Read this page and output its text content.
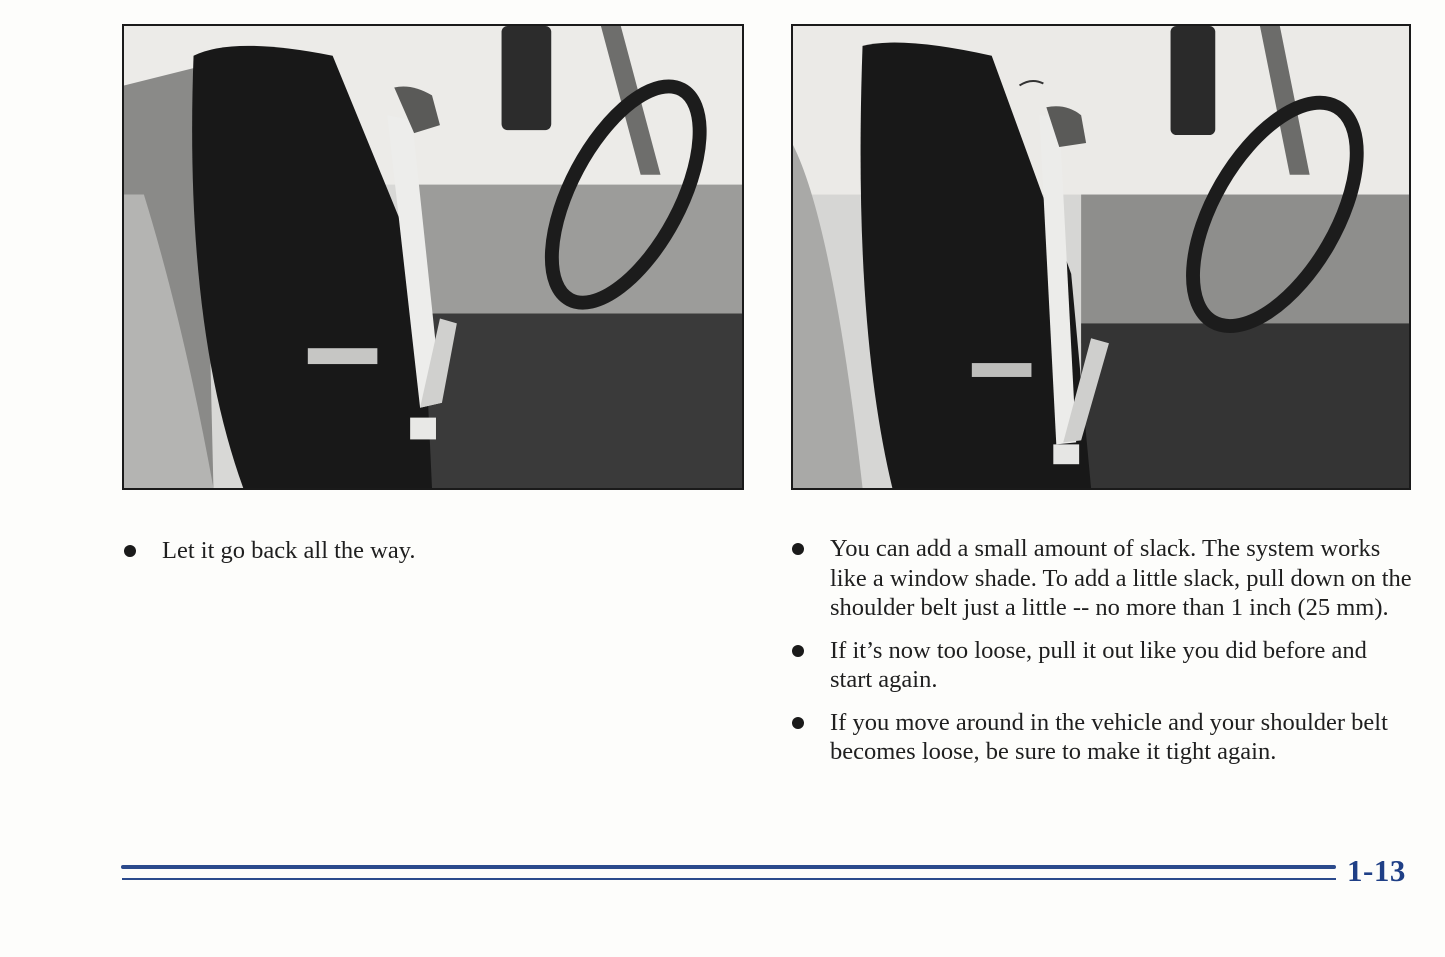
Let it go back all the way.	You can add a small amount of slack. The system works like a window shade. To add a little slack, pull down on the shoulder belt just a little -- no more than 1 inch (25 mm).
If it’s now too loose, pull it out like you did before and start again.
If you move around in the vehicle and your shoulder belt becomes loose, be sure to make it tight again.
1-13
